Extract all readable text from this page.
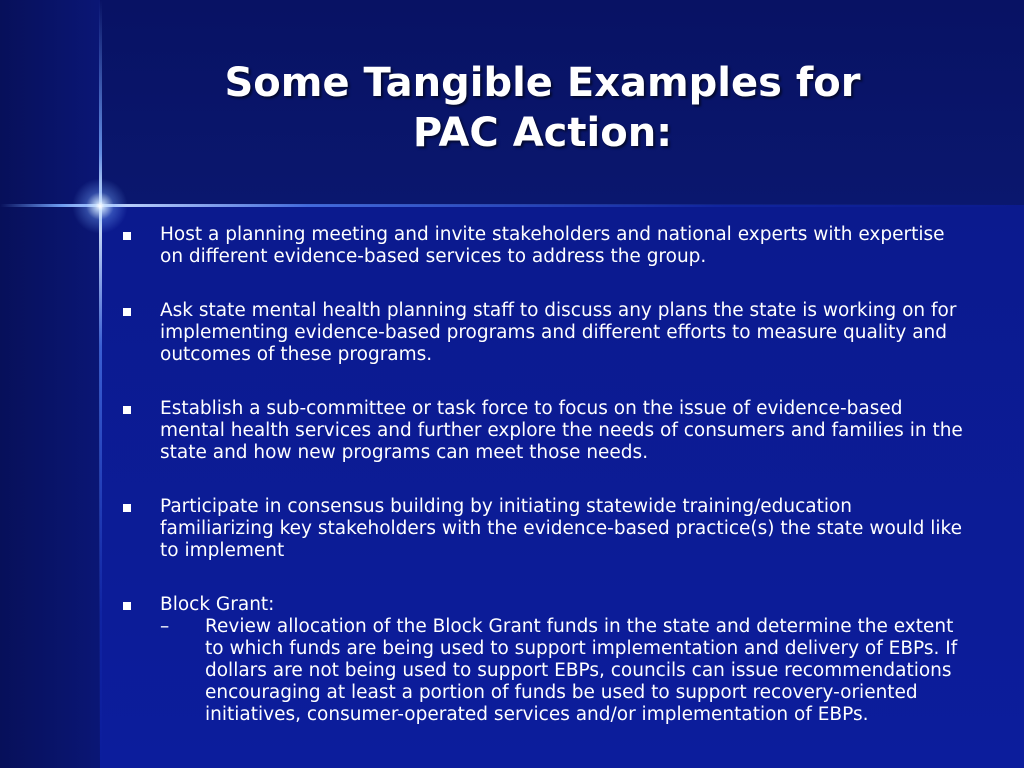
Some Tangible Examples for
PAC Action:
Host a planning meeting and invite stakeholders and national experts with expertise on different evidence-based services to address the group.
Ask state mental health planning staff to discuss any plans the state is working on for implementing evidence-based programs and different efforts to measure quality and outcomes of these programs.
Establish a sub-committee or task force to focus on the issue of evidence-based mental health services and further explore the needs of consumers and families in the state and how new programs can meet those needs.
Participate in consensus building by initiating statewide training/education familiarizing key stakeholders with the evidence-based practice(s) the state would like to implement
Block Grant:
– Review allocation of the Block Grant funds in the state and determine the extent to which funds are being used to support implementation and delivery of EBPs. If dollars are not being used to support EBPs, councils can issue recommendations encouraging at least a portion of funds be used to support recovery-oriented initiatives, consumer-operated services and/or implementation of EBPs.
